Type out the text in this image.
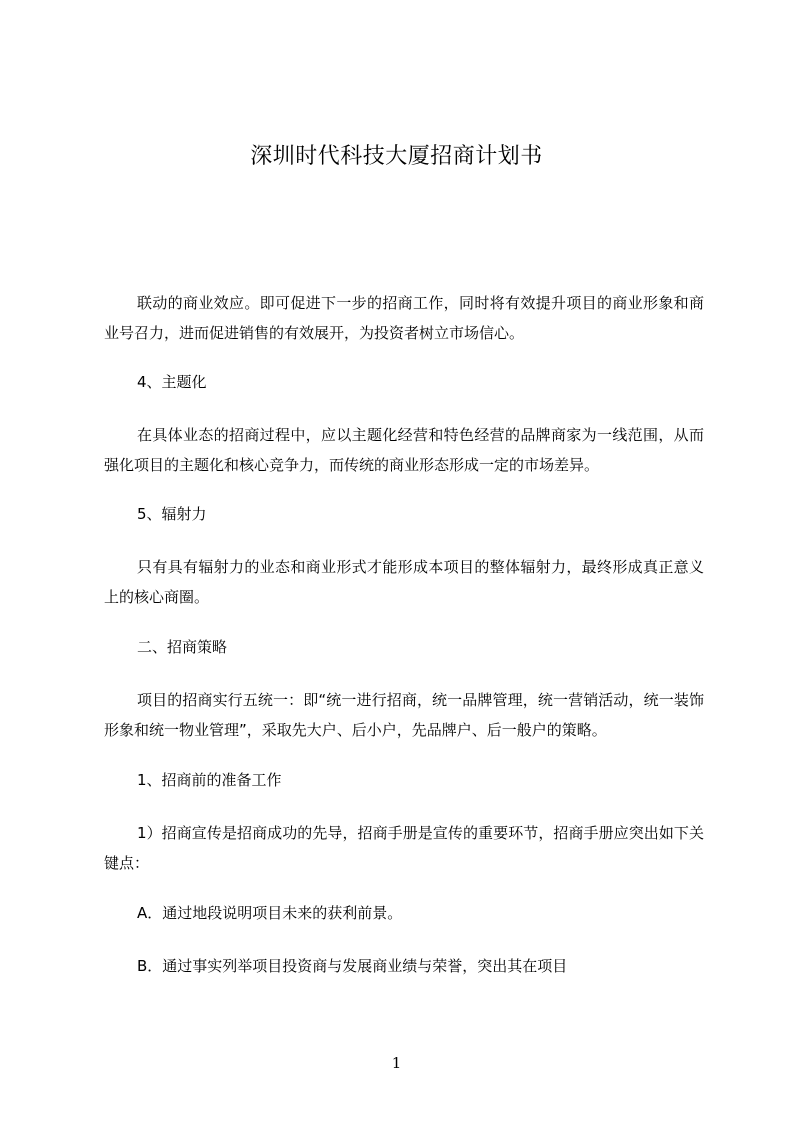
深圳时代科技大厦招商计划书

联动的商业效应。即可促进下一步的招商工作，同时将有效提升项目的商业形象和商业号召力，进而促进销售的有效展开，为投资者树立市场信心。

4、主题化

在具体业态的招商过程中，应以主题化经营和特色经营的品牌商家为一线范围，从而强化项目的主题化和核心竞争力，而传统的商业形态形成一定的市场差异。

5、辐射力

只有具有辐射力的业态和商业形式才能形成本项目的整体辐射力，最终形成真正意义上的核心商圈。

二、招商策略

项目的招商实行五统一：即“统一进行招商，统一品牌管理，统一营销活动，统一装饰形象和统一物业管理”，采取先大户、后小户，先品牌户、后一般户的策略。

1、招商前的准备工作

1）招商宣传是招商成功的先导，招商手册是宣传的重要环节，招商手册应突出如下关键点：

A．通过地段说明项目未来的获利前景。

B．通过事实列举项目投资商与发展商业绩与荣誉，突出其在项目

1
